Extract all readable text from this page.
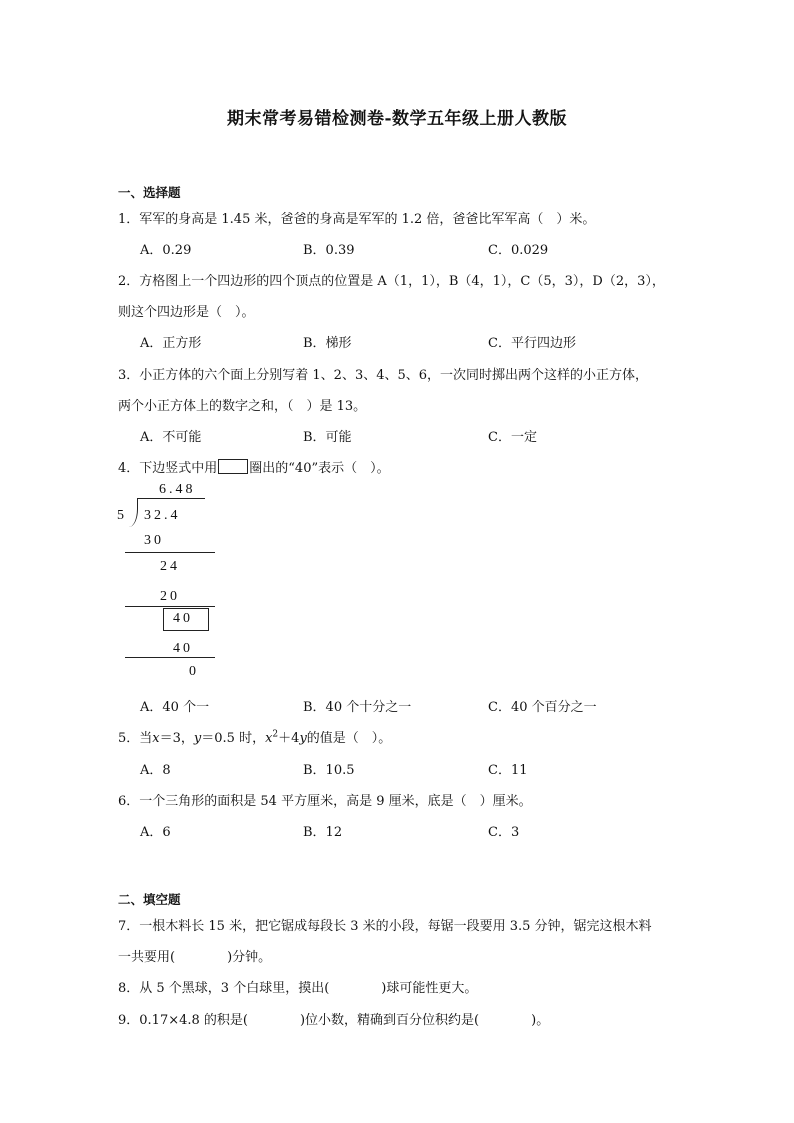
期末常考易错检测卷-数学五年级上册人教版
一、选择题
1．军军的身高是 1.45 米，爸爸的身高是军军的 1.2 倍，爸爸比军军高（　）米。
A．0.29	B．0.39	C．0.029
2．方格图上一个四边形的四个顶点的位置是 A（1，1），B（4，1），C（5，3），D（2，3），
则这个四边形是（　）。
A．正方形	B．梯形	C．平行四边形
3．小正方体的六个面上分别写着 1、2、3、4、5、6，一次同时掷出两个这样的小正方体，
两个小正方体上的数字之和，（　）是 13。
A．不可能	B．可能	C．一定
4．下边竖式中用 圈出的“40”表示（　）。
6.48
5 32.4
30
24
20
40
40
0
A．40 个一	B．40 个十分之一	C．40 个百分之一
5．当x＝3，y＝0.5 时，$x^2+4y$的值是（　）。
A．8	B．10.5	C．11
6．一个三角形的面积是 54 平方厘米，高是 9 厘米，底是（　）厘米。
A．6	B．12	C．3
二、填空题
7．一根木料长 15 米，把它锯成每段长 3 米的小段，每锯一段要用 3.5 分钟，锯完这根木料
一共要用(　　　　)分钟。
8．从 5 个黑球，3 个白球里，摸出(　　　　)球可能性更大。
9．0.17×4.8 的积是(　　　　)位小数，精确到百分位积约是(　　　　)。
